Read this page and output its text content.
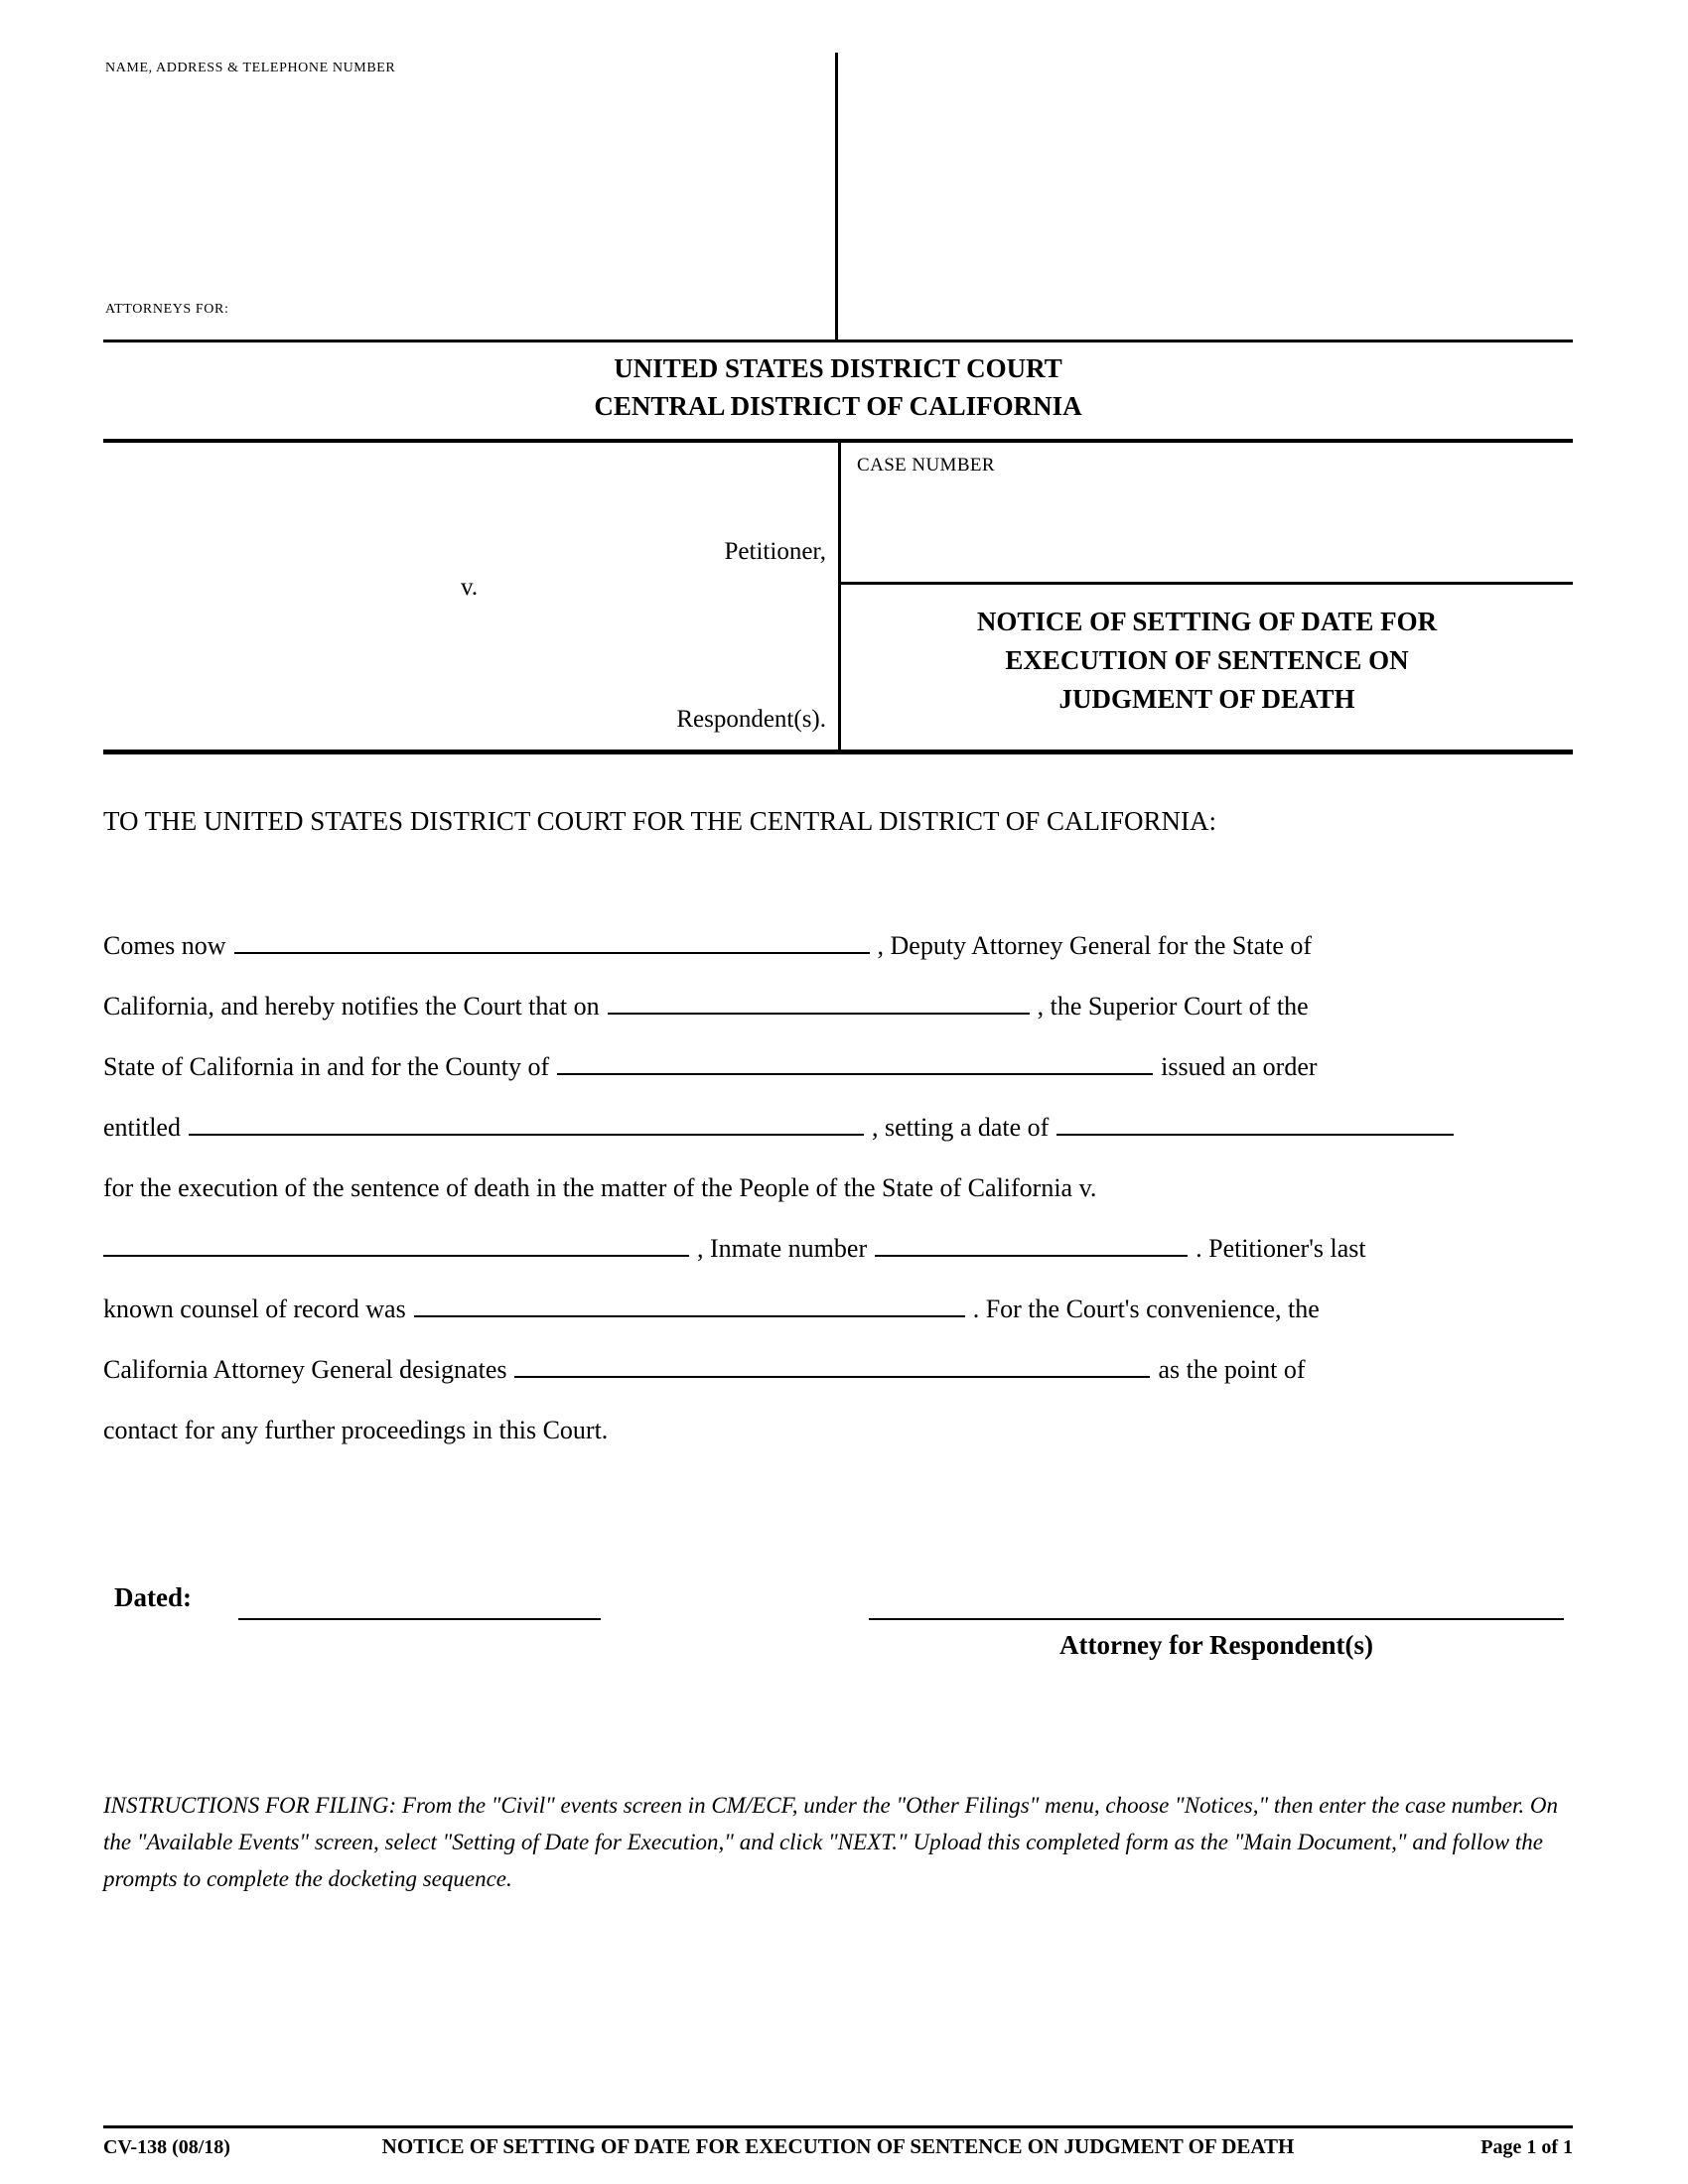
NAME, ADDRESS & TELEPHONE NUMBER
ATTORNEYS FOR:
UNITED STATES DISTRICT COURT
CENTRAL DISTRICT OF CALIFORNIA
Petitioner,
v.
Respondent(s).
CASE NUMBER
NOTICE OF SETTING OF DATE FOR
EXECUTION OF SENTENCE ON
JUDGMENT OF DEATH
TO THE UNITED STATES DISTRICT COURT FOR THE CENTRAL DISTRICT OF CALIFORNIA:
Comes now	, Deputy Attorney General for the State of
California, and hereby notifies the Court that on	, the Superior Court of the
State of California in and for the County of	issued an order
entitled	, setting a date of
for the execution of the sentence of death in the matter of the People of the State of California v.
, Inmate number	. Petitioner's last
known counsel of record was	. For the Court's convenience, the
California Attorney General designates	as the point of
contact for any further proceedings in this Court.
Dated:
Attorney for Respondent(s)
INSTRUCTIONS FOR FILING: From the "Civil" events screen in CM/ECF, under the "Other Filings" menu, choose "Notices," then enter the case number. On the "Available Events" screen, select "Setting of Date for Execution," and click "NEXT." Upload this completed form as the "Main Document," and follow the prompts to complete the docketing sequence.
CV-138 (08/18)	NOTICE OF SETTING OF DATE FOR EXECUTION OF SENTENCE ON JUDGMENT OF DEATH	Page 1 of 1
